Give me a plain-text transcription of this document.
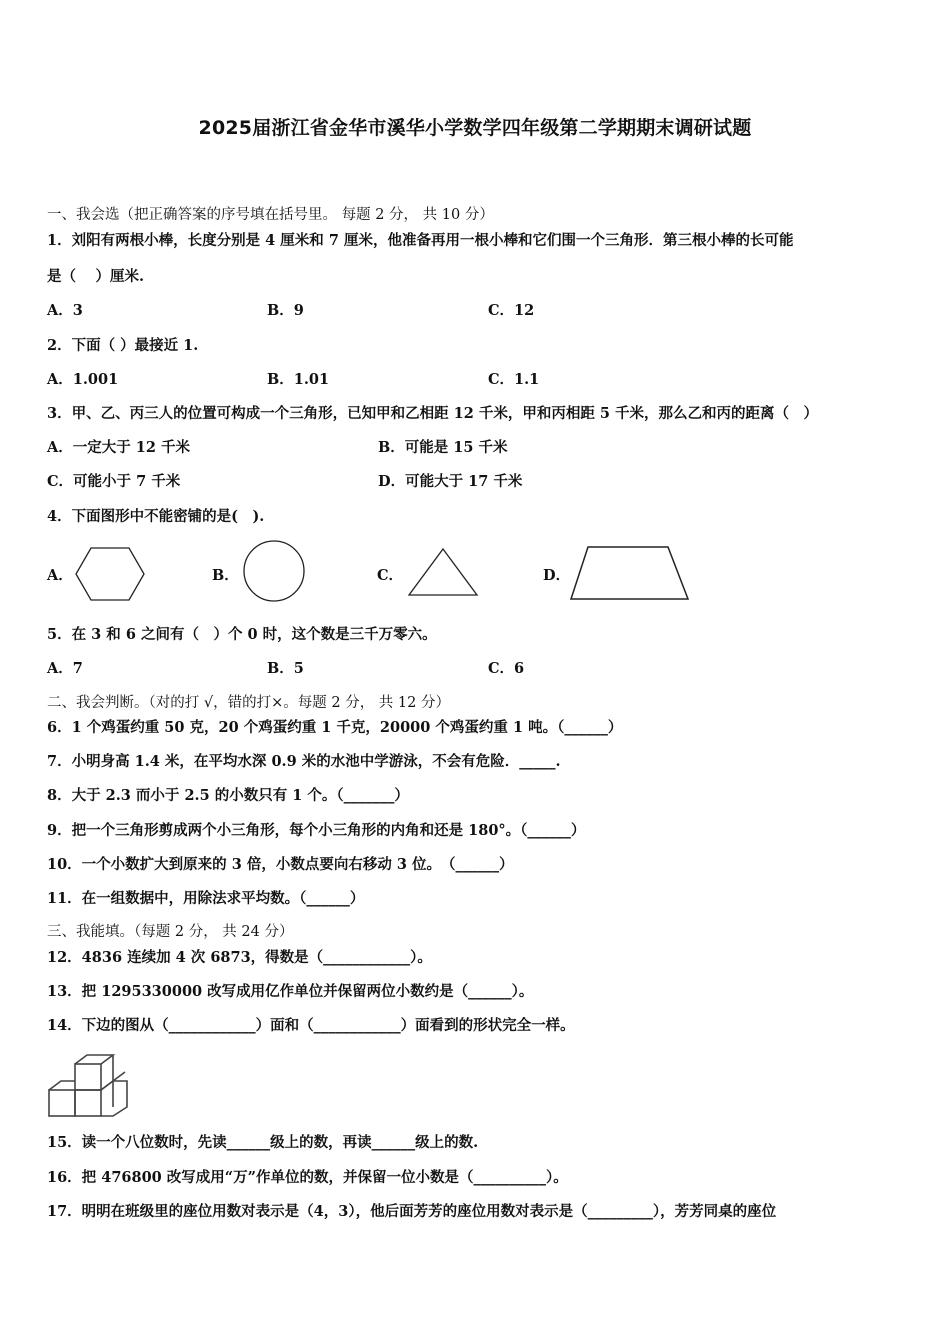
2025届浙江省金华市溪华小学数学四年级第二学期期末调研试题
一、我会选（把正确答案的序号填在括号里。 每题 2 分， 共 10 分）
1．刘阳有两根小棒，长度分别是 4 厘米和 7 厘米，他准备再用一根小棒和它们围一个三角形．第三根小棒的长可能
是（　 ）厘米.
A．3	B．9	C．12
2．下面（ ）最接近 1.
A．1.001	B．1.01	C．1.1
3．甲、乙、丙三人的位置可构成一个三角形，已知甲和乙相距 12 千米，甲和丙相距 5 千米，那么乙和丙的距离（　）
A．一定大于 12 千米	B．可能是 15 千米
C．可能小于 7 千米	D．可能大于 17 千米
4．下面图形中不能密铺的是(　).
A．	B．	C．	D．
5．在 3 和 6 之间有（　）个 0 时，这个数是三千万零六。
A．7	B．5	C．6
二、我会判断。（对的打 √，错的打×。每题 2 分， 共 12 分）
6．1 个鸡蛋约重 50 克，20 个鸡蛋约重 1 千克，20000 个鸡蛋约重 1 吨。（______）
7．小明身高 1.4 米，在平均水深 0.9 米的水池中学游泳，不会有危险．_____.
8．大于 2.3 而小于 2.5 的小数只有 1 个。（_______）
9．把一个三角形剪成两个小三角形，每个小三角形的内角和还是 180°。（______）
10．一个小数扩大到原来的 3 倍，小数点要向右移动 3 位。　（______）
11．在一组数据中，用除法求平均数。（______）
三、我能填。（每题 2 分， 共 24 分）
12．4836 连续加 4 次 6873，得数是（____________）。
13．把 1295330000 改写成用亿作单位并保留两位小数约是（______）。
14．下边的图从（____________）面和（____________）面看到的形状完全一样。
15．读一个八位数时，先读______级上的数，再读______级上的数.
16．把 476800 改写成用“万”作单位的数，并保留一位小数是（__________）。
17．明明在班级里的座位用数对表示是（4，3），他后面芳芳的座位用数对表示是（_________），芳芳同桌的座位
